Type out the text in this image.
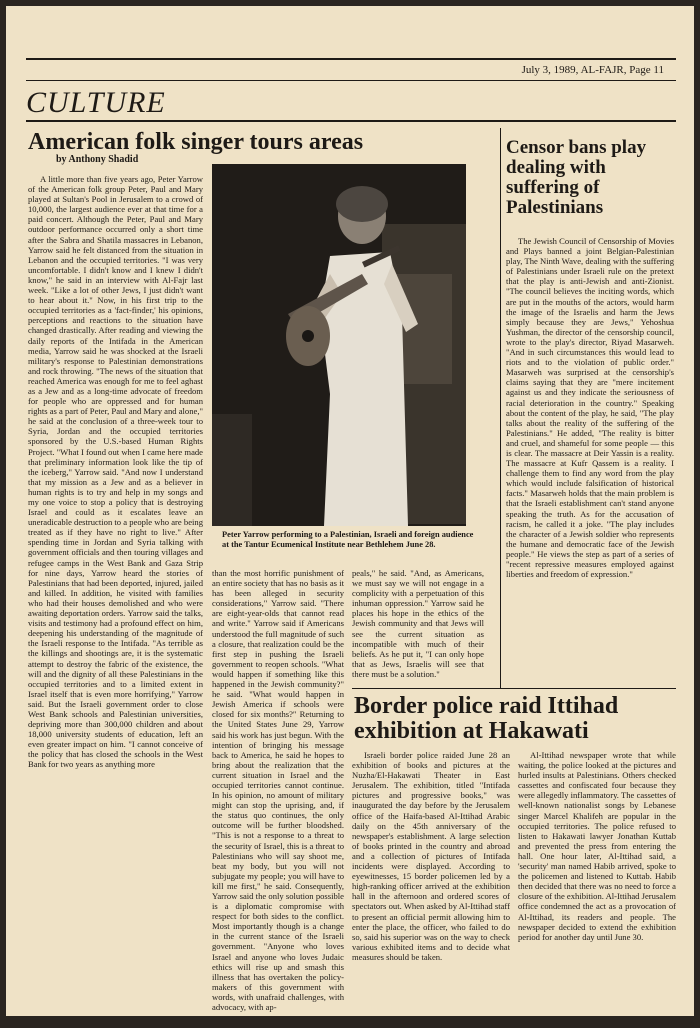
July 3, 1989, AL-FAJR, Page 11
CULTURE
American folk singer tours areas
by Anthony Shadid

A little more than five years ago, Peter Yarrow of the American folk group Peter, Paul and Mary played at Sultan's Pool in Jerusalem to a crowd of 10,000, the largest audience ever at that time for a paid concert. Although the Peter, Paul and Mary outdoor performance occurred only a short time after the Sabra and Shatila massacres in Lebanon, Yarrow said he felt distanced from the situation in Lebanon and the occupied territories. "I was very uncomfortable. I didn't know and I knew I didn't know," he said in an interview with Al-Fajr last week. "Like a lot of other Jews, I just didn't want to hear about it." Now, in his first trip to the occupied territories as a 'fact-finder,' his opinions, perceptions and reactions to the situation have changed drastically. After reading and viewing the daily reports of the Intifada in the American media, Yarrow said he was shocked at the Israeli military's response to Palestinian demonstrations and rock throwing. "The news of the situation that reached America was enough for me to feel aghast as a Jew and as a long-time advocate of freedom for people who are oppressed and for human rights as a part of Peter, Paul and Mary and alone," he said at the conclusion of a three-week tour to Syria, Jordan and the occupied territories sponsored by the U.S.-based Human Rights Project. "What I found out when I came here made that preliminary information look like the tip of the iceberg," Yarrow said. "And now I understand that my mission as a Jew and as a believer in human rights is to try and help in my songs and my one voice to stop a policy that is destroying Israel and could as it escalates leave an uneradicable destruction to a people who are being treated as if they have no right to live." After spending time in Jordan and Syria talking with government officials and then touring villages and refugee camps in the West Bank and Gaza Strip for nine days, Yarrow heard the stories of Palestinians that had been deported, injured, jailed and killed. In addition, he visited with families who had their houses demolished and who were awaiting deportation orders. Yarrow said the talks, visits and testimony had a profound effect on him, deepening his understanding of the magnitude of the Israeli response to the Intifada. "As terrible as the killings and shootings are, it is the systematic attempt to destroy the fabric of the existence, the will and the dignity of all these Palestinians in the occupied territories and to a limited extent in Israel itself that is even more horrifying," Yarrow said. But the Israeli government order to close West Bank schools and Palestinian universities, depriving more than 300,000 children and about 18,000 university students of education, left an even greater impact on him. "I cannot conceive of the policy that has closed the schools in the West Bank for two years as anything more

Peter Yarrow performing to a Palestinian, Israeli and foreign audience at the Tantur Ecumenical Institute near Bethlehem June 28.

than the most horrific punishment of an entire society that has no basis as it has been alleged in security considerations," Yarrow said. "There are eight-year-olds that cannot read and write." Yarrow said if Americans understood the full magnitude of such a closure, that realization could be the first step in pushing the Israeli government to reopen schools. "What would happen if something like this happened in the Jewish community?" he said. "What would happen in Jewish America if schools were closed for six months?" Returning to the United States June 29, Yarrow said his work has just begun. With the intention of bringing his message back to America, he said he hopes to bring about the realization that the current situation in Israel and the occupied territories cannot continue. In his opinion, no amount of military might can stop the uprising, and, if the status quo continues, the only outcome will be further bloodshed. "This is not a response to a threat to the security of Israel, this is a threat to Palestinians who will say shoot me, beat my body, but you will not subjugate my people; you will have to kill me first," he said. Consequently, Yarrow said the only solution possible is a diplomatic compromise with respect for both sides to the conflict. Most importantly though is a change in the current stance of the Israeli government. "Anyone who loves Israel and anyone who loves Judaic ethics will rise up and smash this illness that has overtaken the policy-makers of this government with words, with unafraid challenges, with advocacy, with ap-

peals," he said. "And, as Americans, we must say we will not engage in a complicity with a perpetuation of this inhuman oppression." Yarrow said he places his hope in the ethics of the Jewish community and that Jews will see the current situation as incompatible with much of their beliefs. As he put it, "I can only hope that as Jews, Israelis will see that there must be a solution."

Censor bans play dealing with suffering of Palestinians

The Jewish Council of Censorship of Movies and Plays banned a joint Belgian-Palestinian play, The Ninth Wave, dealing with the suffering of Palestinians under Israeli rule on the pretext that the play is anti-Jewish and anti-Zionist. "The council believes the inciting words, which are put in the mouths of the actors, would harm the image of the Israelis and harm the Jews simply because they are Jews," Yehoshua Yushman, the director of the censorship council, wrote to the play's director, Riyad Masarweh. "And in such circumstances this would lead to riots and to the violation of public order." Masarweh was surprised at the censorship's claims saying that they are "mere incitement against us and they indicate the seriousness of racial deterioration in the country." Speaking about the content of the play, he said, "The play talks about the reality of the suffering of the Palestinians." He added, "The reality is bitter and cruel, and shameful for some people — this is clear. The massacre at Deir Yassin is a reality. The massacre at Kufr Qassem is a reality. I challenge them to find any word from the play which would include falsification of historical facts." Masarweh holds that the main problem is that the Israeli establishment can't stand anyone speaking the truth. As for the accusation of racism, he called it a joke. "The play includes the character of a Jewish soldier who represents the humane and democratic face of the Jewish people." He views the step as part of a series of "recent repressive measures employed against liberties and freedom of expression."

Border police raid Ittihad exhibition at Hakawati

Israeli border police raided June 28 an exhibition of books and pictures at the Nuzha/El-Hakawati Theater in East Jerusalem. The exhibition, titled "Intifada pictures and progressive books," was inaugurated the day before by the Jerusalem office of the Haifa-based Al-Ittihad Arabic daily on the 45th anniversary of the newspaper's establishment. A large selection of books printed in the country and abroad and a collection of pictures of Intifada incidents were displayed. According to eyewitnesses, 15 border policemen led by a high-ranking officer arrived at the exhibition hall in the afternoon and ordered scores of spectators out. When asked by Al-Ittihad staff to present an official permit allowing him to enter the place, the officer, who failed to do so, said his superior was on the way to check various exhibited items and to decide what measures should be taken.

Al-Ittihad newspaper wrote that while waiting, the police looked at the pictures and hurled insults at Palestinians. Others checked cassettes and confiscated four because they were allegedly inflammatory. The cassettes of well-known nationalist songs by Lebanese singer Marcel Khalifeh are popular in the occupied territories. The police refused to listen to Hakawati lawyer Jonathan Kuttab and prevented the press from entering the hall. One hour later, Al-Ittihad said, a 'security' man named Habib arrived, spoke to the policemen and listened to Kuttab. Habib then decided that there was no need to force a closure of the exhibition. Al-Ittihad Jerusalem office condemned the act as a provocation of Al-Ittihad, its readers and people. The newspaper decided to extend the exhibition period for another day until June 30.
